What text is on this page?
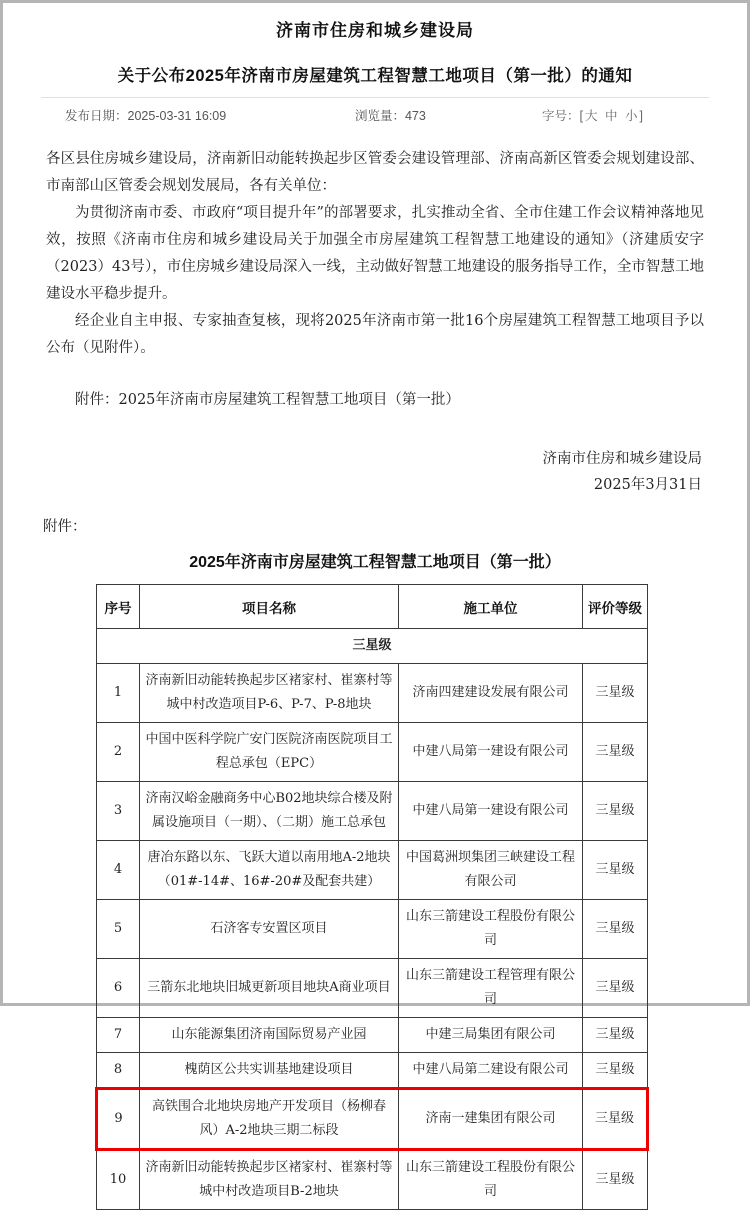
济南市住房和城乡建设局
关于公布2025年济南市房屋建筑工程智慧工地项目（第一批）的通知
发布日期：2025-03-31 16:09	浏览量：473	字号：[ 大 中 小 ]

各区县住房城乡建设局，济南新旧动能转换起步区管委会建设管理部、济南高新区管委会规划建设部、市南部山区管委会规划发展局，各有关单位：

为贯彻济南市委、市政府“项目提升年”的部署要求，扎实推动全省、全市住建工作会议精神落地见效，按照《济南市住房和城乡建设局关于加强全市房屋建筑工程智慧工地建设的通知》（济建质安字（2023）43号），市住房城乡建设局深入一线，主动做好智慧工地建设的服务指导工作，全市智慧工地建设水平稳步提升。

经企业自主申报、专家抽查复核，现将2025年济南市第一批16个房屋建筑工程智慧工地项目予以公布（见附件）。

附件：2025年济南市房屋建筑工程智慧工地项目（第一批）

济南市住房和城乡建设局
2025年3月31日
附件：
2025年济南市房屋建筑工程智慧工地项目（第一批）
序号	项目名称	施工单位	评价等级
三星级			
1	济南新旧动能转换起步区褚家村、崔寨村等城中村改造项目P-6、P-7、P-8地块	济南四建建设发展有限公司	三星级
2	中国中医科学院广安门医院济南医院项目工程总承包（EPC）	中建八局第一建设有限公司	三星级
3	济南汉峪金融商务中心B02地块综合楼及附属设施项目（一期）、（二期）施工总承包	中建八局第一建设有限公司	三星级
4	唐冶东路以东、飞跃大道以南用地A-2地块（01#-14#、16#-20#及配套共建）	中国葛洲坝集团三峡建设工程有限公司	三星级
5	石济客专安置区项目	山东三箭建设工程股份有限公司	三星级
6	三箭东北地块旧城更新项目地块A商业项目	山东三箭建设工程管理有限公司	三星级
7	山东能源集团济南国际贸易产业园	中建三局集团有限公司	三星级
8	槐荫区公共实训基地建设项目	中建八局第二建设有限公司	三星级
9	高铁围合北地块房地产开发项目（杨柳春风）A-2地块三期二标段	济南一建集团有限公司	三星级
10	济南新旧动能转换起步区褚家村、崔寨村等城中村改造项目B-2地块	山东三箭建设工程股份有限公司	三星级
